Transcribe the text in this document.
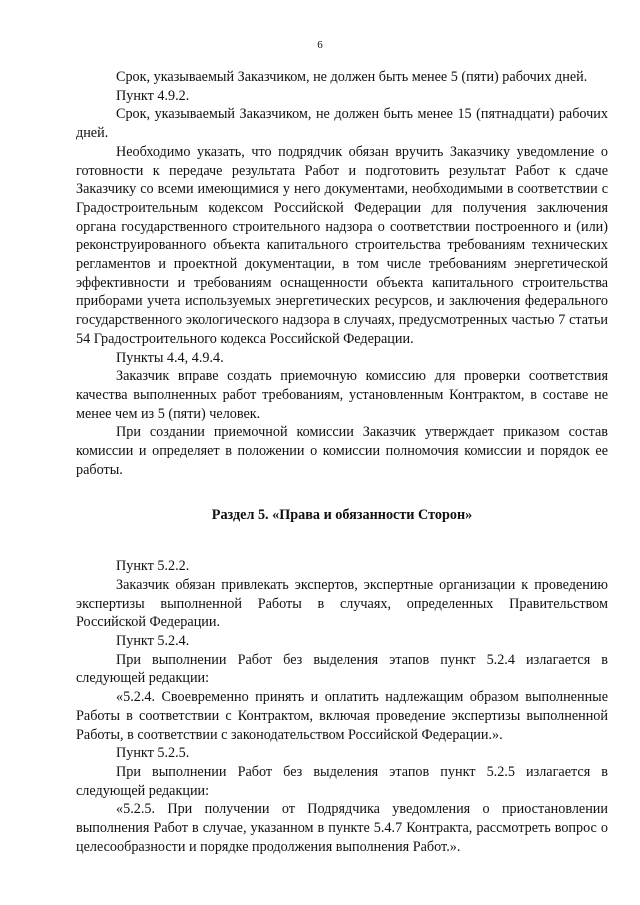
6

Срок, указываемый Заказчиком, не должен быть менее 5 (пяти) рабочих дней.

Пункт 4.9.2.

Срок, указываемый Заказчиком, не должен быть менее 15 (пятнадцати) рабочих дней.

Необходимо указать, что подрядчик обязан вручить Заказчику уведомление о готовности к передаче результата Работ и подготовить результат Работ к сдаче Заказчику со всеми имеющимися у него документами, необходимыми в соответствии с Градостроительным кодексом Российской Федерации для получения заключения органа государственного строительного надзора о соответствии построенного и (или) реконструированного объекта капитального строительства требованиям технических регламентов и проектной документации, в том числе требованиям энергетической эффективности и требованиям оснащенности объекта капитального строительства приборами учета используемых энергетических ресурсов, и заключения федерального государственного экологического надзора в случаях, предусмотренных частью 7 статьи 54 Градостроительного кодекса Российской Федерации.

Пункты 4.4, 4.9.4.

Заказчик вправе создать приемочную комиссию для проверки соответствия качества выполненных работ требованиям, установленным Контрактом, в составе не менее чем из 5 (пяти) человек.

При создании приемочной комиссии Заказчик утверждает приказом состав комиссии и определяет в положении о комиссии полномочия комиссии и порядок ее работы.

Раздел 5. «Права и обязанности Сторон»

Пункт 5.2.2.

Заказчик обязан привлекать экспертов, экспертные организации к проведению экспертизы выполненной Работы в случаях, определенных Правительством Российской Федерации.

Пункт 5.2.4.

При выполнении Работ без выделения этапов пункт 5.2.4 излагается в следующей редакции:

«5.2.4. Своевременно принять и оплатить надлежащим образом выполненные Работы в соответствии с Контрактом, включая проведение экспертизы выполненной Работы, в соответствии с законодательством Российской Федерации.».

Пункт 5.2.5.

При выполнении Работ без выделения этапов пункт 5.2.5 излагается в следующей редакции:

«5.2.5. При получении от Подрядчика уведомления о приостановлении выполнения Работ в случае, указанном в пункте 5.4.7 Контракта, рассмотреть вопрос о целесообразности и порядке продолжения выполнения Работ.».
